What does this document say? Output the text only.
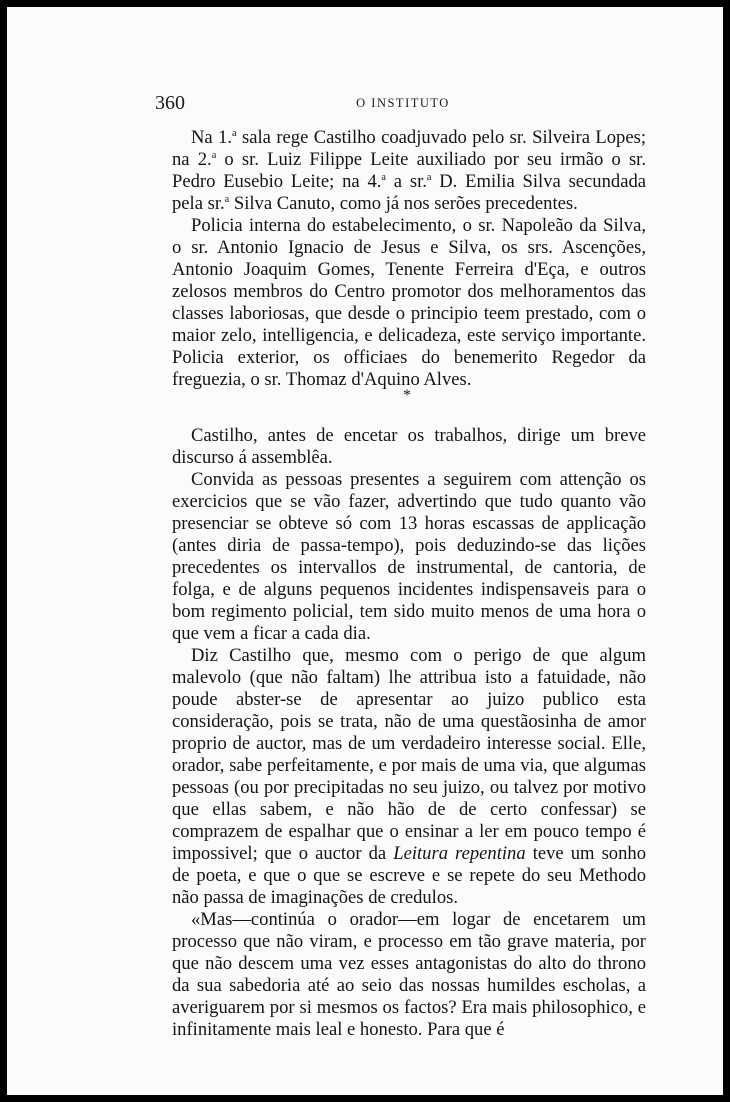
360	O INSTITUTO

Na 1.$^a$ sala rege Castilho coadjuvado pelo sr. Silveira Lopes; na 2.$^a$ o sr. Luiz Filippe Leite auxiliado por seu irmão o sr. Pedro Eusebio Leite; na 4.$^a$ a sr.$^a$ D. Emilia Silva secundada pela sr.$^a$ Silva Canuto, como já nos serões precedentes.

Policia interna do estabelecimento, o sr. Napoleão da Silva, o sr. Antonio Ignacio de Jesus e Silva, os srs. Ascenções, Antonio Joaquim Gomes, Tenente Ferreira d'Eça, e outros zelosos membros do Centro promotor dos melhoramentos das classes laboriosas, que desde o principio teem prestado, com o maior zelo, intelligencia, e delicadeza, este serviço importante. Policia exterior, os officiaes do benemerito Regedor da freguezia, o sr. Thomaz d'Aquino Alves.

*

Castilho, antes de encetar os trabalhos, dirige um breve discurso á assemblêa.

Convida as pessoas presentes a seguirem com attenção os exercicios que se vão fazer, advertindo que tudo quanto vão presenciar se obteve só com 13 horas escassas de applicação (antes diria de passa-tempo), pois deduzindo-se das lições precedentes os intervallos de instrumental, de cantoria, de folga, e de alguns pequenos incidentes indispensaveis para o bom regimento policial, tem sido muito menos de uma hora o que vem a ficar a cada dia.

Diz Castilho que, mesmo com o perigo de que algum malevolo (que não faltam) lhe attribua isto a fatuidade, não poude abster-se de apresentar ao juizo publico esta consideração, pois se trata, não de uma questãosinha de amor proprio de auctor, mas de um verdadeiro interesse social. Elle, orador, sabe perfeitamente, e por mais de uma via, que algumas pessoas (ou por precipitadas no seu juizo, ou talvez por motivo que ellas sabem, e não hão de de certo confessar) se comprazem de espalhar que o ensinar a ler em pouco tempo é impossivel; que o auctor da Leitura repentina teve um sonho de poeta, e que o que se escreve e se repete do seu Methodo não passa de imaginações de credulos.

«Mas—continúa o orador—em logar de encetarem um processo que não viram, e processo em tão grave materia, por que não descem uma vez esses antagonistas do alto do throno da sua sabedoria até ao seio das nossas humildes escholas, a averiguarem por si mesmos os factos? Era mais philosophico, e infinitamente mais leal e honesto. Para que é
